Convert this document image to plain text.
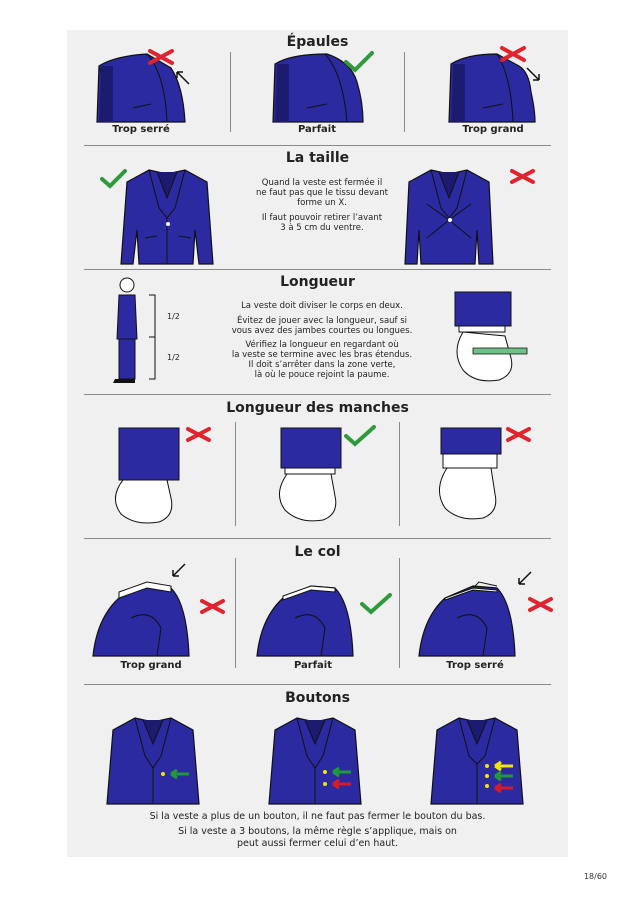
Épaules
Trop serré	Parfait	Trop grand
La taille
Quand la veste est fermée il
ne faut pas que le tissu devant
forme un X.
Il faut pouvoir retirer l’avant
3 à 5 cm du ventre.
Longueur
1/2
1/2
La veste doit diviser le corps en deux.
Évitez de jouer avec la longueur, sauf si
vous avez des jambes courtes ou longues.
Vérifiez la longueur en regardant où
la veste se termine avec les bras étendus.
Il doit s’arrêter dans la zone verte,
là où le pouce rejoint la paume.
Longueur des manches
Le col
Trop grand	Parfait	Trop serré
Boutons
Si la veste a plus de un bouton, il ne faut pas fermer le bouton du bas.
Si la veste a 3 boutons, la même règle s’applique, mais on
peut aussi fermer celui d’en haut.
18/60
